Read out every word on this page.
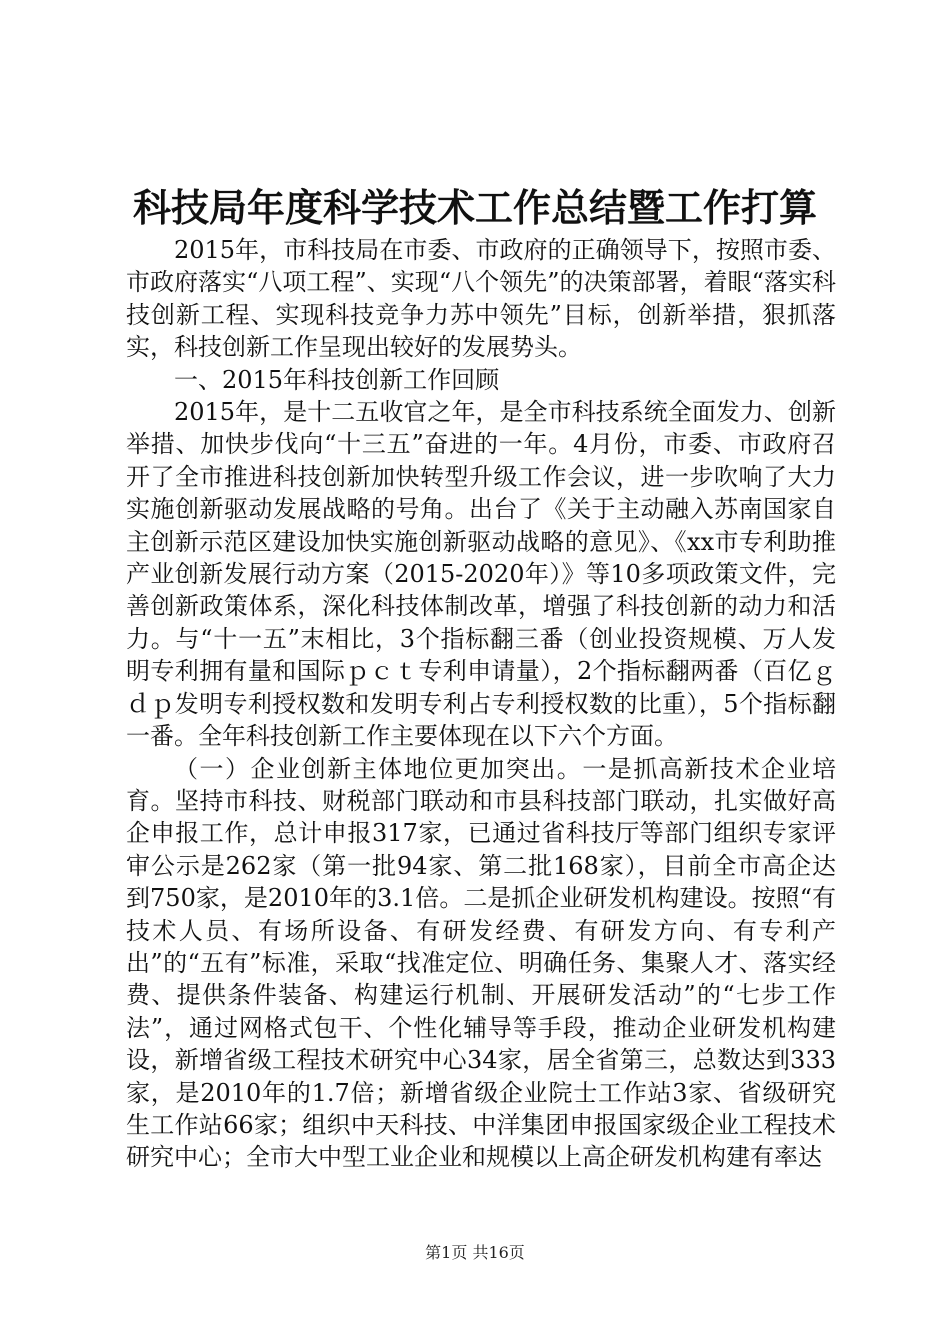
科技局年度科学技术工作总结暨工作打算

2015年，市科技局在市委、市政府的正确领导下，按照市委、市政府落实“八项工程”、实现“八个领先”的决策部署，着眼“落实科技创新工程、实现科技竞争力苏中领先”目标，创新举措，狠抓落实，科技创新工作呈现出较好的发展势头。

一、2015年科技创新工作回顾

2015年，是十二五收官之年，是全市科技系统全面发力、创新举措、加快步伐向“十三五”奋进的一年。4月份，市委、市政府召开了全市推进科技创新加快转型升级工作会议，进一步吹响了大力实施创新驱动发展战略的号角。出台了《关于主动融入苏南国家自主创新示范区建设加快实施创新驱动战略的意见》、《xx市专利助推产业创新发展行动方案（2015-2020年）》等10多项政策文件，完善创新政策体系，深化科技体制改革，增强了科技创新的动力和活力。与“十一五”末相比，3个指标翻三番（创业投资规模、万人发明专利拥有量和国际ｐｃｔ专利申请量），2个指标翻两番（百亿ｇｄｐ发明专利授权数和发明专利占专利授权数的比重），5个指标翻一番。全年科技创新工作主要体现在以下六个方面。

（一）企业创新主体地位更加突出。一是抓高新技术企业培育。坚持市科技、财税部门联动和市县科技部门联动，扎实做好高企申报工作，总计申报317家，已通过省科技厅等部门组织专家评审公示是262家（第一批94家、第二批168家），目前全市高企达到750家，是2010年的3.1倍。二是抓企业研发机构建设。按照“有技术人员、有场所设备、有研发经费、有研发方向、有专利产出”的“五有”标准，采取“找准定位、明确任务、集聚人才、落实经费、提供条件装备、构建运行机制、开展研发活动”的“七步工作法”，通过网格式包干、个性化辅导等手段，推动企业研发机构建设，新增省级工程技术研究中心34家，居全省第三，总数达到333家，是2010年的1.7倍；新增省级企业院士工作站3家、省级研究生工作站66家；组织中天科技、中洋集团申报国家级企业工程技术研究中心；全市大中型工业企业和规模以上高企研发机构建有率达

第1页 共16页
